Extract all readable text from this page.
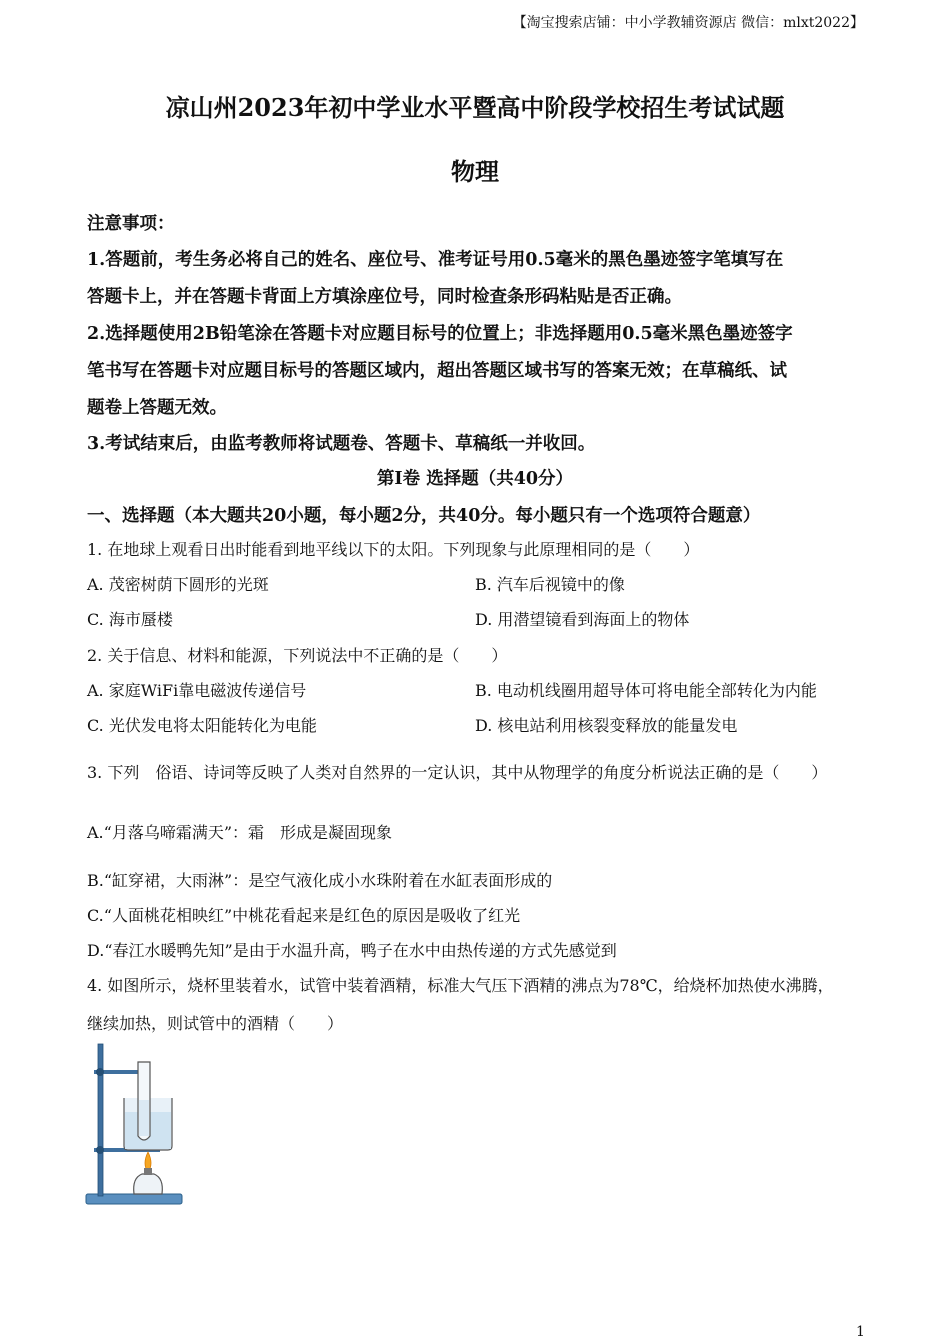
【淘宝搜索店铺：中小学教辅资源店 微信：mlxt2022】
凉山州2023年初中学业水平暨高中阶段学校招生考试试题
物理
注意事项：
1.答题前，考生务必将自己的姓名、座位号、准考证号用0.5毫米的黑色墨迹签字笔填写在
答题卡上，并在答题卡背面上方填涂座位号，同时检查条形码粘贴是否正确。
2.选择题使用2B铅笔涂在答题卡对应题目标号的位置上；非选择题用0.5毫米黑色墨迹签字
笔书写在答题卡对应题目标号的答题区域内，超出答题区域书写的答案无效；在草稿纸、试
题卷上答题无效。
3.考试结束后，由监考教师将试题卷、答题卡、草稿纸一并收回。
第Ⅰ卷 选择题（共40分）
一、选择题（本大题共20小题，每小题2分，共40分。每小题只有一个选项符合题意）
1. 在地球上观看日出时能看到地平线以下的太阳。下列现象与此原理相同的是（　　）
A. 茂密树荫下圆形的光斑	B. 汽车后视镜中的像
C. 海市蜃楼	D. 用潜望镜看到海面上的物体
2. 关于信息、材料和能源，下列说法中不正确的是（　　）
A. 家庭WiFi靠电磁波传递信号	B. 电动机线圈用超导体可将电能全部转化为内能
C. 光伏发电将太阳能转化为电能	D. 核电站利用核裂变释放的能量发电
3. 下列　俗语、诗词等反映了人类对自然界的一定认识，其中从物理学的角度分析说法正确的是（　　）
A.“月落乌啼霜满天”：霜　形成是凝固现象
B.“缸穿裙，大雨淋”：是空气液化成小水珠附着在水缸表面形成的
C.“人面桃花相映红”中桃花看起来是红色的原因是吸收了红光
D.“春江水暖鸭先知”是由于水温升高，鸭子在水中由热传递的方式先感觉到
4. 如图所示，烧杯里装着水，试管中装着酒精，标准大气压下酒精的沸点为78℃，给烧杯加热使水沸腾，
继续加热，则试管中的酒精（　　）
1
